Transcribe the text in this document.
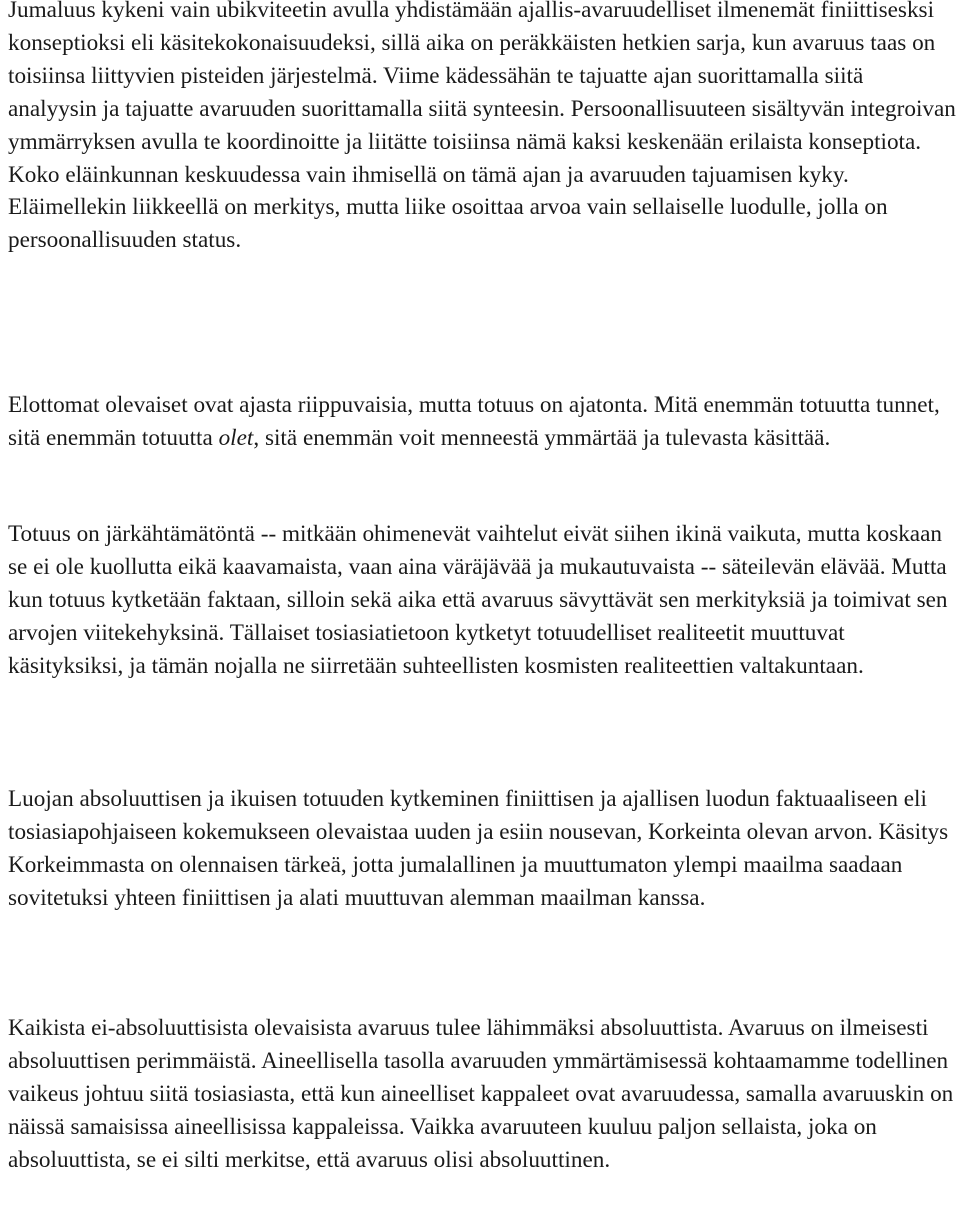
Jumaluus kykeni vain ubikviteetin avulla yhdistämään ajallis-avaruudelliset ilmenemät finiittisesksi konseptioksi eli käsitekokonaisuudeksi, sillä aika on peräkkäisten hetkien sarja, kun avaruus taas on toisiinsa liittyvien pisteiden järjestelmä. Viime kädessähän te tajuatte ajan suorittamalla siitä analyysin ja tajuatte avaruuden suorittamalla siitä synteesin. Persoonallisuuteen sisältyvän integroivan ymmärryksen avulla te koordinoitte ja liitätte toisiinsa nämä kaksi keskenään erilaista konseptiota. Koko eläinkunnan keskuudessa vain ihmisellä on tämä ajan ja avaruuden tajuamisen kyky. Eläimellekin liikkeellä on merkitys, mutta liike osoittaa arvoa vain sellaiselle luodulle, jolla on persoonallisuuden status.

Elottomat olevaiset ovat ajasta riippuvaisia, mutta totuus on ajatonta. Mitä enemmän totuutta tunnet, sitä enemmän totuutta olet, sitä enemmän voit menneestä ymmärtää ja tulevasta käsittää.

Totuus on järkähtämätöntä -- mitkään ohimenevät vaihtelut eivät siihen ikinä vaikuta, mutta koskaan se ei ole kuollutta eikä kaavamaista, vaan aina väräjävää ja mukautuvaista -- säteilevän elävää. Mutta kun totuus kytketään faktaan, silloin sekä aika että avaruus sävyttävät sen merkityksiä ja toimivat sen arvojen viitekehyksinä. Tällaiset tosiasiatietoon kytketyt totuudelliset realiteetit muuttuvat käsityksiksi, ja tämän nojalla ne siirretään suhteellisten kosmisten realiteettien valtakuntaan.

Luojan absoluuttisen ja ikuisen totuuden kytkeminen finiittisen ja ajallisen luodun faktuaaliseen eli tosiasiapohjaiseen kokemukseen olevaistaa uuden ja esiin nousevan, Korkeinta olevan arvon. Käsitys Korkeimmasta on olennaisen tärkeä, jotta jumalallinen ja muuttumaton ylempi maailma saadaan sovitetuksi yhteen finiittisen ja alati muuttuvan alemman maailman kanssa.

Kaikista ei-absoluuttisista olevaisista avaruus tulee lähimmäksi absoluuttista. Avaruus on ilmeisesti absoluuttisen perimmäistä. Aineellisella tasolla avaruuden ymmärtämisessä kohtaamamme todellinen vaikeus johtuu siitä tosiasiasta, että kun aineelliset kappaleet ovat avaruudessa, samalla avaruuskin on näissä samaisissa aineellisissa kappaleissa. Vaikka avaruuteen kuuluu paljon sellaista, joka on absoluuttista, se ei silti merkitse, että avaruus olisi absoluuttinen.
